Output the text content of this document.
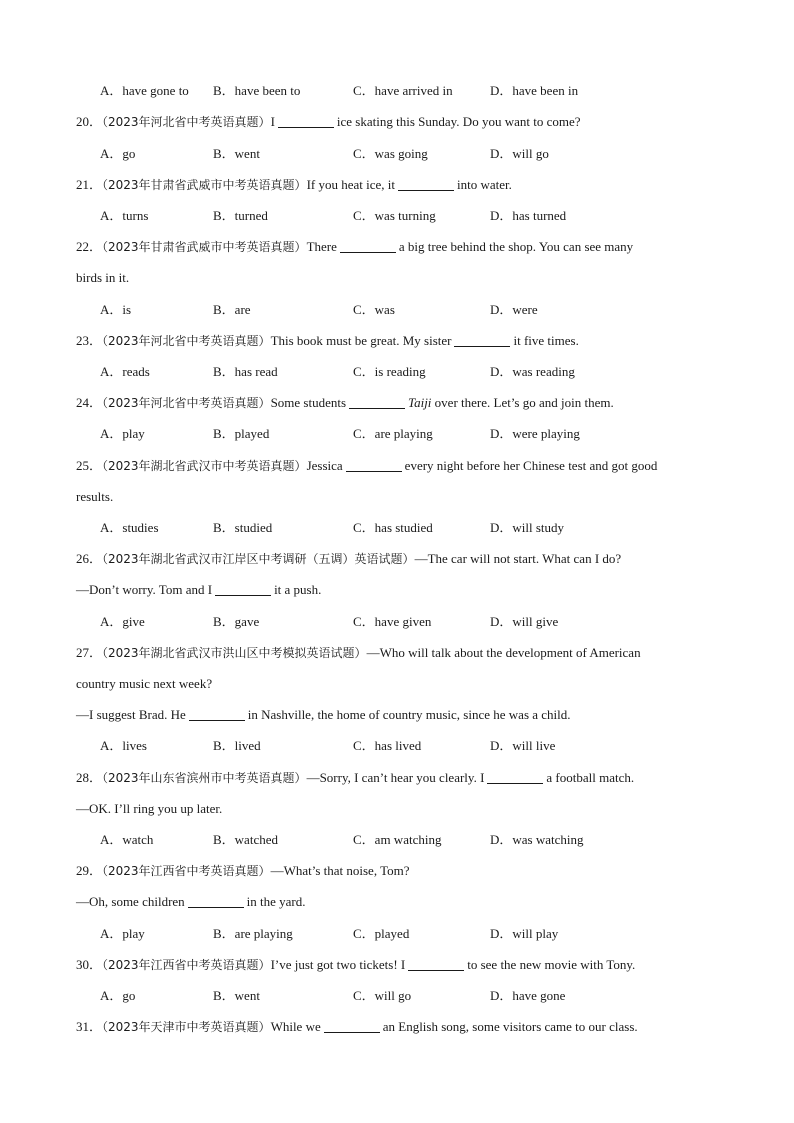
A．have gone to B．have been to	C．have arrived in	D．have been in
20．（2023年河北省中考英语真题）I	ice skating this Sunday. Do you want to come?
A．go	B．went	C．was going	D．will go
21．（2023年甘肃省武威市中考英语真题）If you heat ice, it	into water.
A．turns	B．turned	C．was turning	D．has turned
22．（2023年甘肃省武威市中考英语真题）There	a big tree behind the shop. You can see many
birds in it.
A．is	B．are	C．was	D．were
23．（2023年河北省中考英语真题）This book must be great. My sister	it five times.
A．reads	B．has read	C．is reading	D．was reading
24．（2023年河北省中考英语真题）Some students	Taiji over there. Let’s go and join them.
A．play	B．played	C．are playing	D．were playing
25．（2023年湖北省武汉市中考英语真题）Jessica	every night before her Chinese test and got good
results.
A．studies	B．studied	C．has studied	D．will study
26．（2023年湖北省武汉市江岸区中考调研（五调）英语试题）—The car will not start. What can I do?
—Don’t worry. Tom and I	it a push.
A．give	B．gave	C．have given	D．will give
27．（2023年湖北省武汉市洪山区中考模拟英语试题）—Who will talk about the development of American
country music next week?
—I suggest Brad. He	in Nashville, the home of country music, since he was a child.
A．lives	B．lived	C．has lived	D．will live
28．（2023年山东省滨州市中考英语真题）—Sorry, I can’t hear you clearly. I	a football match.
—OK. I’ll ring you up later.
A．watch	B．watched	C．am watching	D．was watching
29．（2023年江西省中考英语真题）—What’s that noise, Tom?
—Oh, some children	in the yard.
A．play	B．are playing	C．played	D．will play
30．（2023年江西省中考英语真题）I’ve just got two tickets! I	to see the new movie with Tony.
A．go	B．went	C．will go	D．have gone
31．（2023年天津市中考英语真题）While we	an English song, some visitors came to our class.
